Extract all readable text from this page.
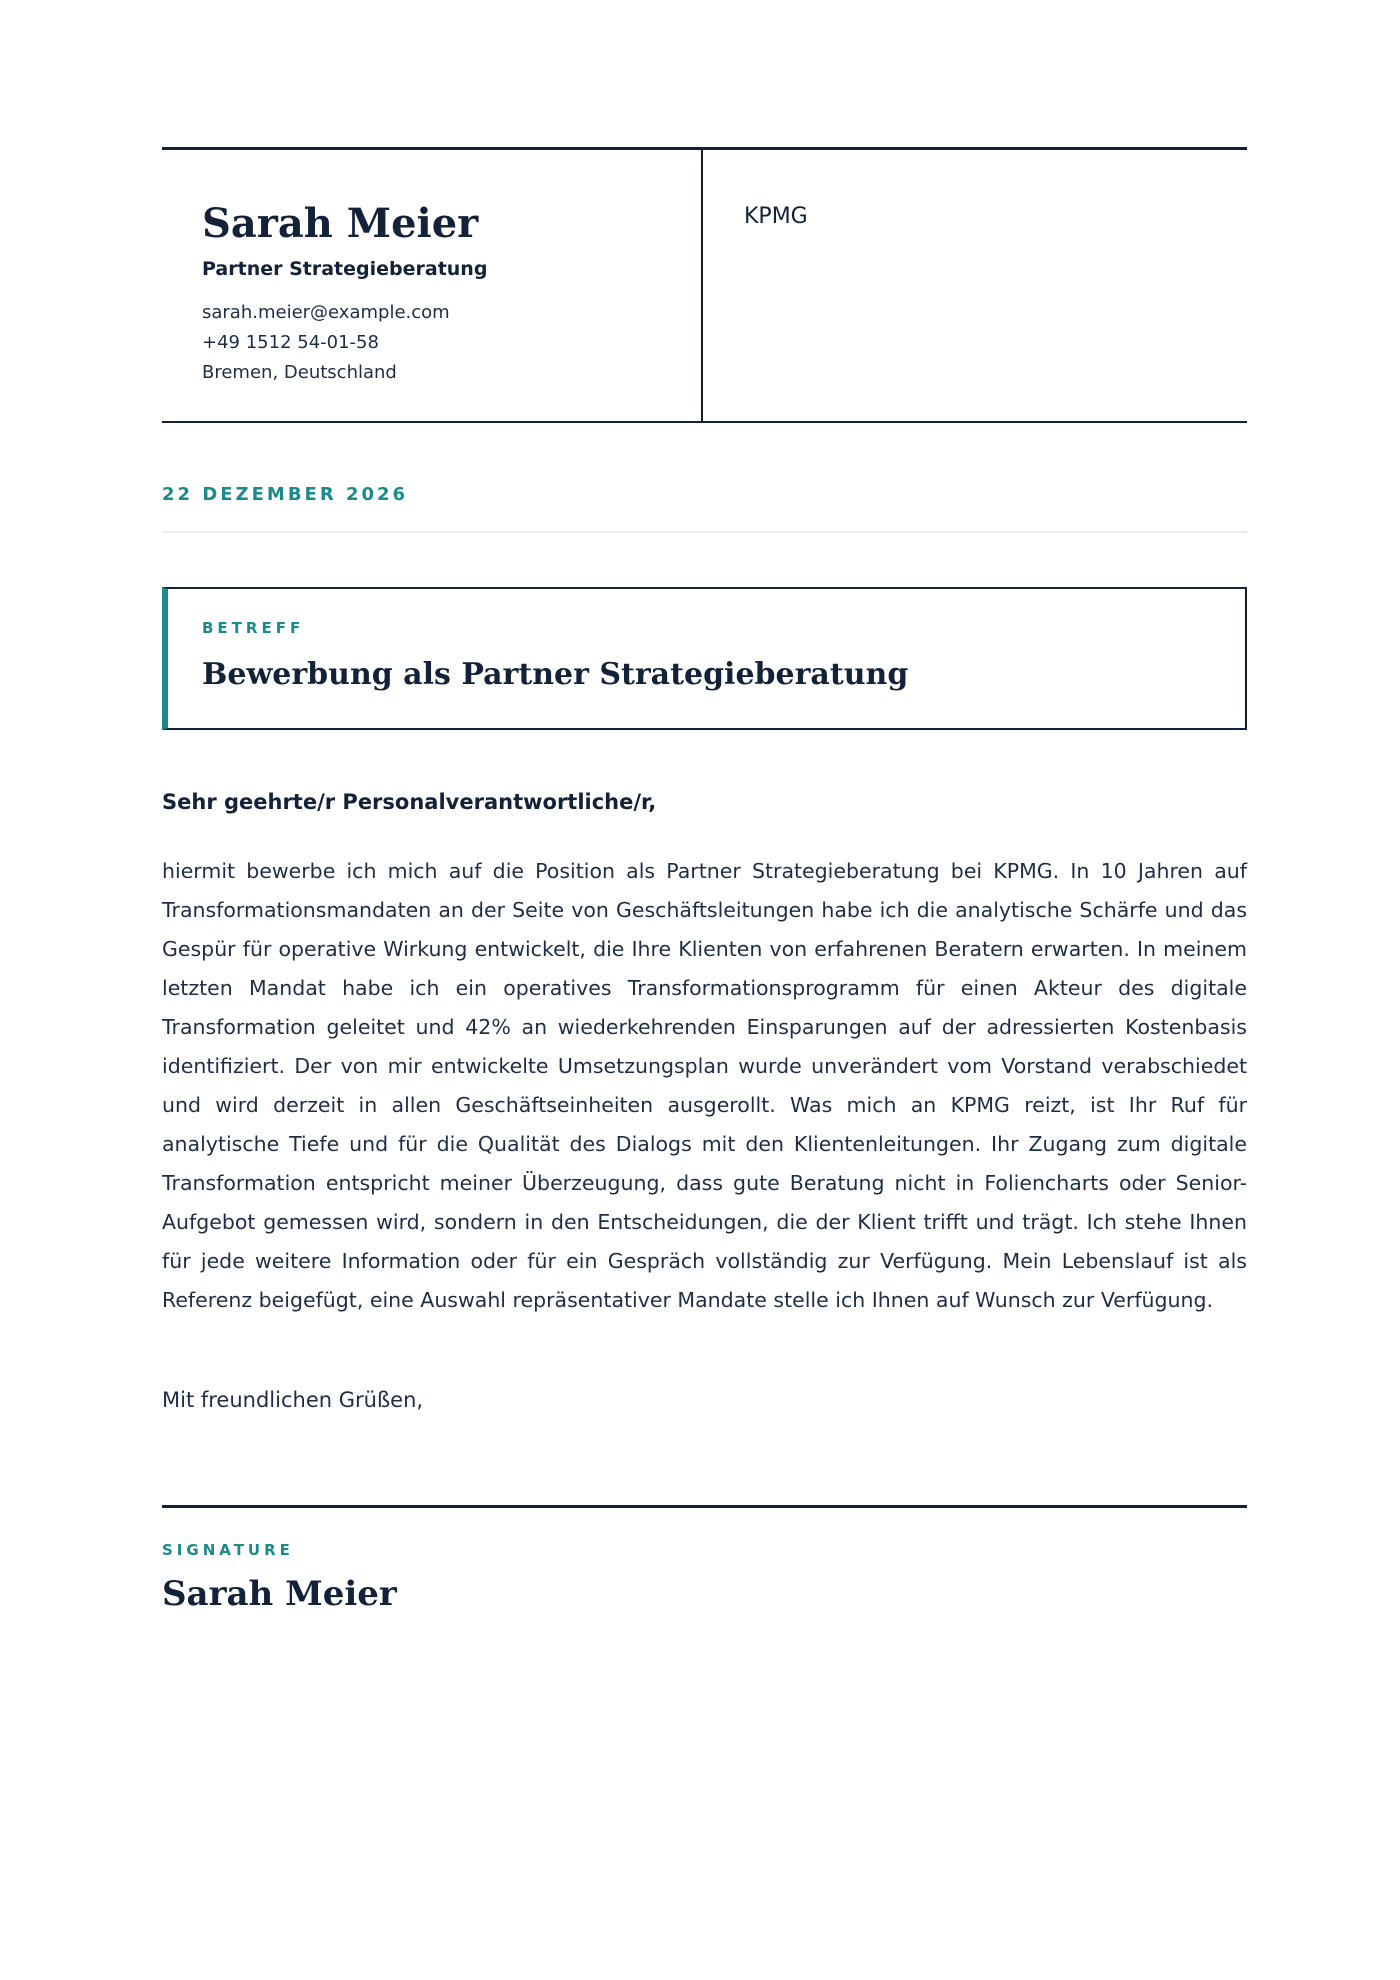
Sarah Meier
Partner Strategieberatung
sarah.meier@example.com
+49 1512 54-01-58
Bremen, Deutschland
KPMG
22 DEZEMBER 2026
BETREFF
Bewerbung als Partner Strategieberatung
Sehr geehrte/r Personalverantwortliche/r,

hiermit bewerbe ich mich auf die Position als Partner Strategieberatung bei KPMG. In 10 Jahren auf Transformationsmandaten an der Seite von Geschäftsleitungen habe ich die analytische Schärfe und das Gespür für operative Wirkung entwickelt, die Ihre Klienten von erfahrenen Beratern erwarten. In meinem letzten Mandat habe ich ein operatives Transformationsprogramm für einen Akteur des digitale Transformation geleitet und 42% an wiederkehrenden Einsparungen auf der adressierten Kostenbasis identifiziert. Der von mir entwickelte Umsetzungsplan wurde unverändert vom Vorstand verabschiedet und wird derzeit in allen Geschäftseinheiten ausgerollt. Was mich an KPMG reizt, ist Ihr Ruf für analytische Tiefe und für die Qualität des Dialogs mit den Klientenleitungen. Ihr Zugang zum digitale Transformation entspricht meiner Überzeugung, dass gute Beratung nicht in Foliencharts oder Senior-Aufgebot gemessen wird, sondern in den Entscheidungen, die der Klient trifft und trägt. Ich stehe Ihnen für jede weitere Information oder für ein Gespräch vollständig zur Verfügung. Mein Lebenslauf ist als Referenz beigefügt, eine Auswahl repräsentativer Mandate stelle ich Ihnen auf Wunsch zur Verfügung.

Mit freundlichen Grüßen,
SIGNATURE
Sarah Meier
